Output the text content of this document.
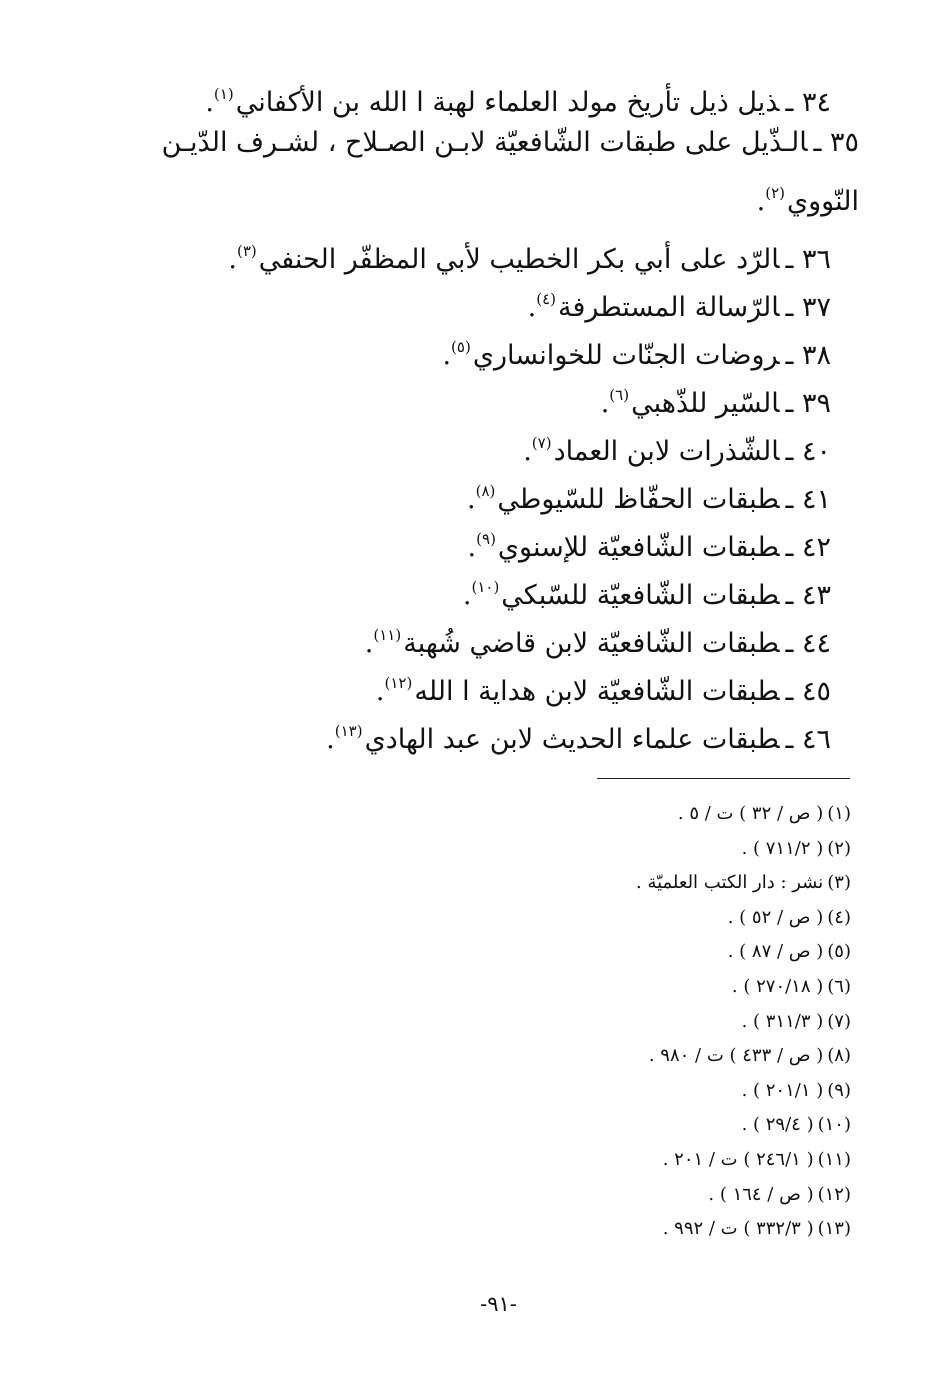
٣٤ ـذيل ذيل تأريخ مولد العلماء لهبة ا الله بن الأكفاني$^{(١)}$.
٣٥ ـالـذّيل على طبقات الشّافعيّة لابـن الصـلاح ، لشـرف الدّيـن النّووي$^{(٢)}$.
٣٦ ـالرّد على أبي بكر الخطيب لأبي المظفّر الحنفي$^{(٣)}$.
٣٧ ـالرّسالة المستطرفة$^{(٤)}$.
٣٨ ـروضات الجنّات للخوانساري$^{(٥)}$.
٣٩ ـالسّير للذّهبي$^{(٦)}$.
٤٠ ـالشّذرات لابن العماد$^{(٧)}$.
٤١ ـطبقات الحفّاظ للسّيوطي$^{(٨)}$.
٤٢ ـطبقات الشّافعيّة للإسنوي$^{(٩)}$.
٤٣ ـطبقات الشّافعيّة للسّبكي$^{(١٠)}$.
٤٤ ـطبقات الشّافعيّة لابن قاضي شُهبة$^{(١١)}$.
٤٥ ـطبقات الشّافعيّة لابن هداية ا الله$^{(١٢)}$.
٤٦ ـطبقات علماء الحديث لابن عبد الهادي$^{(١٣)}$.
(١)( ص / ٣٢ ) ت / ٥ .
(٢)( ٧١١/٢ ) .
(٣)نشر : دار الكتب العلميّة .
(٤)( ص / ٥٢ ) .
(٥)( ص / ٨٧ ) .
(٦)( ٢٧٠/١٨ ) .
(٧)( ٣١١/٣ ) .
(٨)( ص / ٤٣٣ ) ت / ٩٨٠ .
(٩)( ٢٠١/١ ) .
(١٠)( ٢٩/٤ ) .
(١١)( ٢٤٦/١ ) ت / ٢٠١ .
(١٢)( ص / ١٦٤ ) .
(١٣)( ٣٣٢/٣ ) ت / ٩٩٢ .
-٩١-
